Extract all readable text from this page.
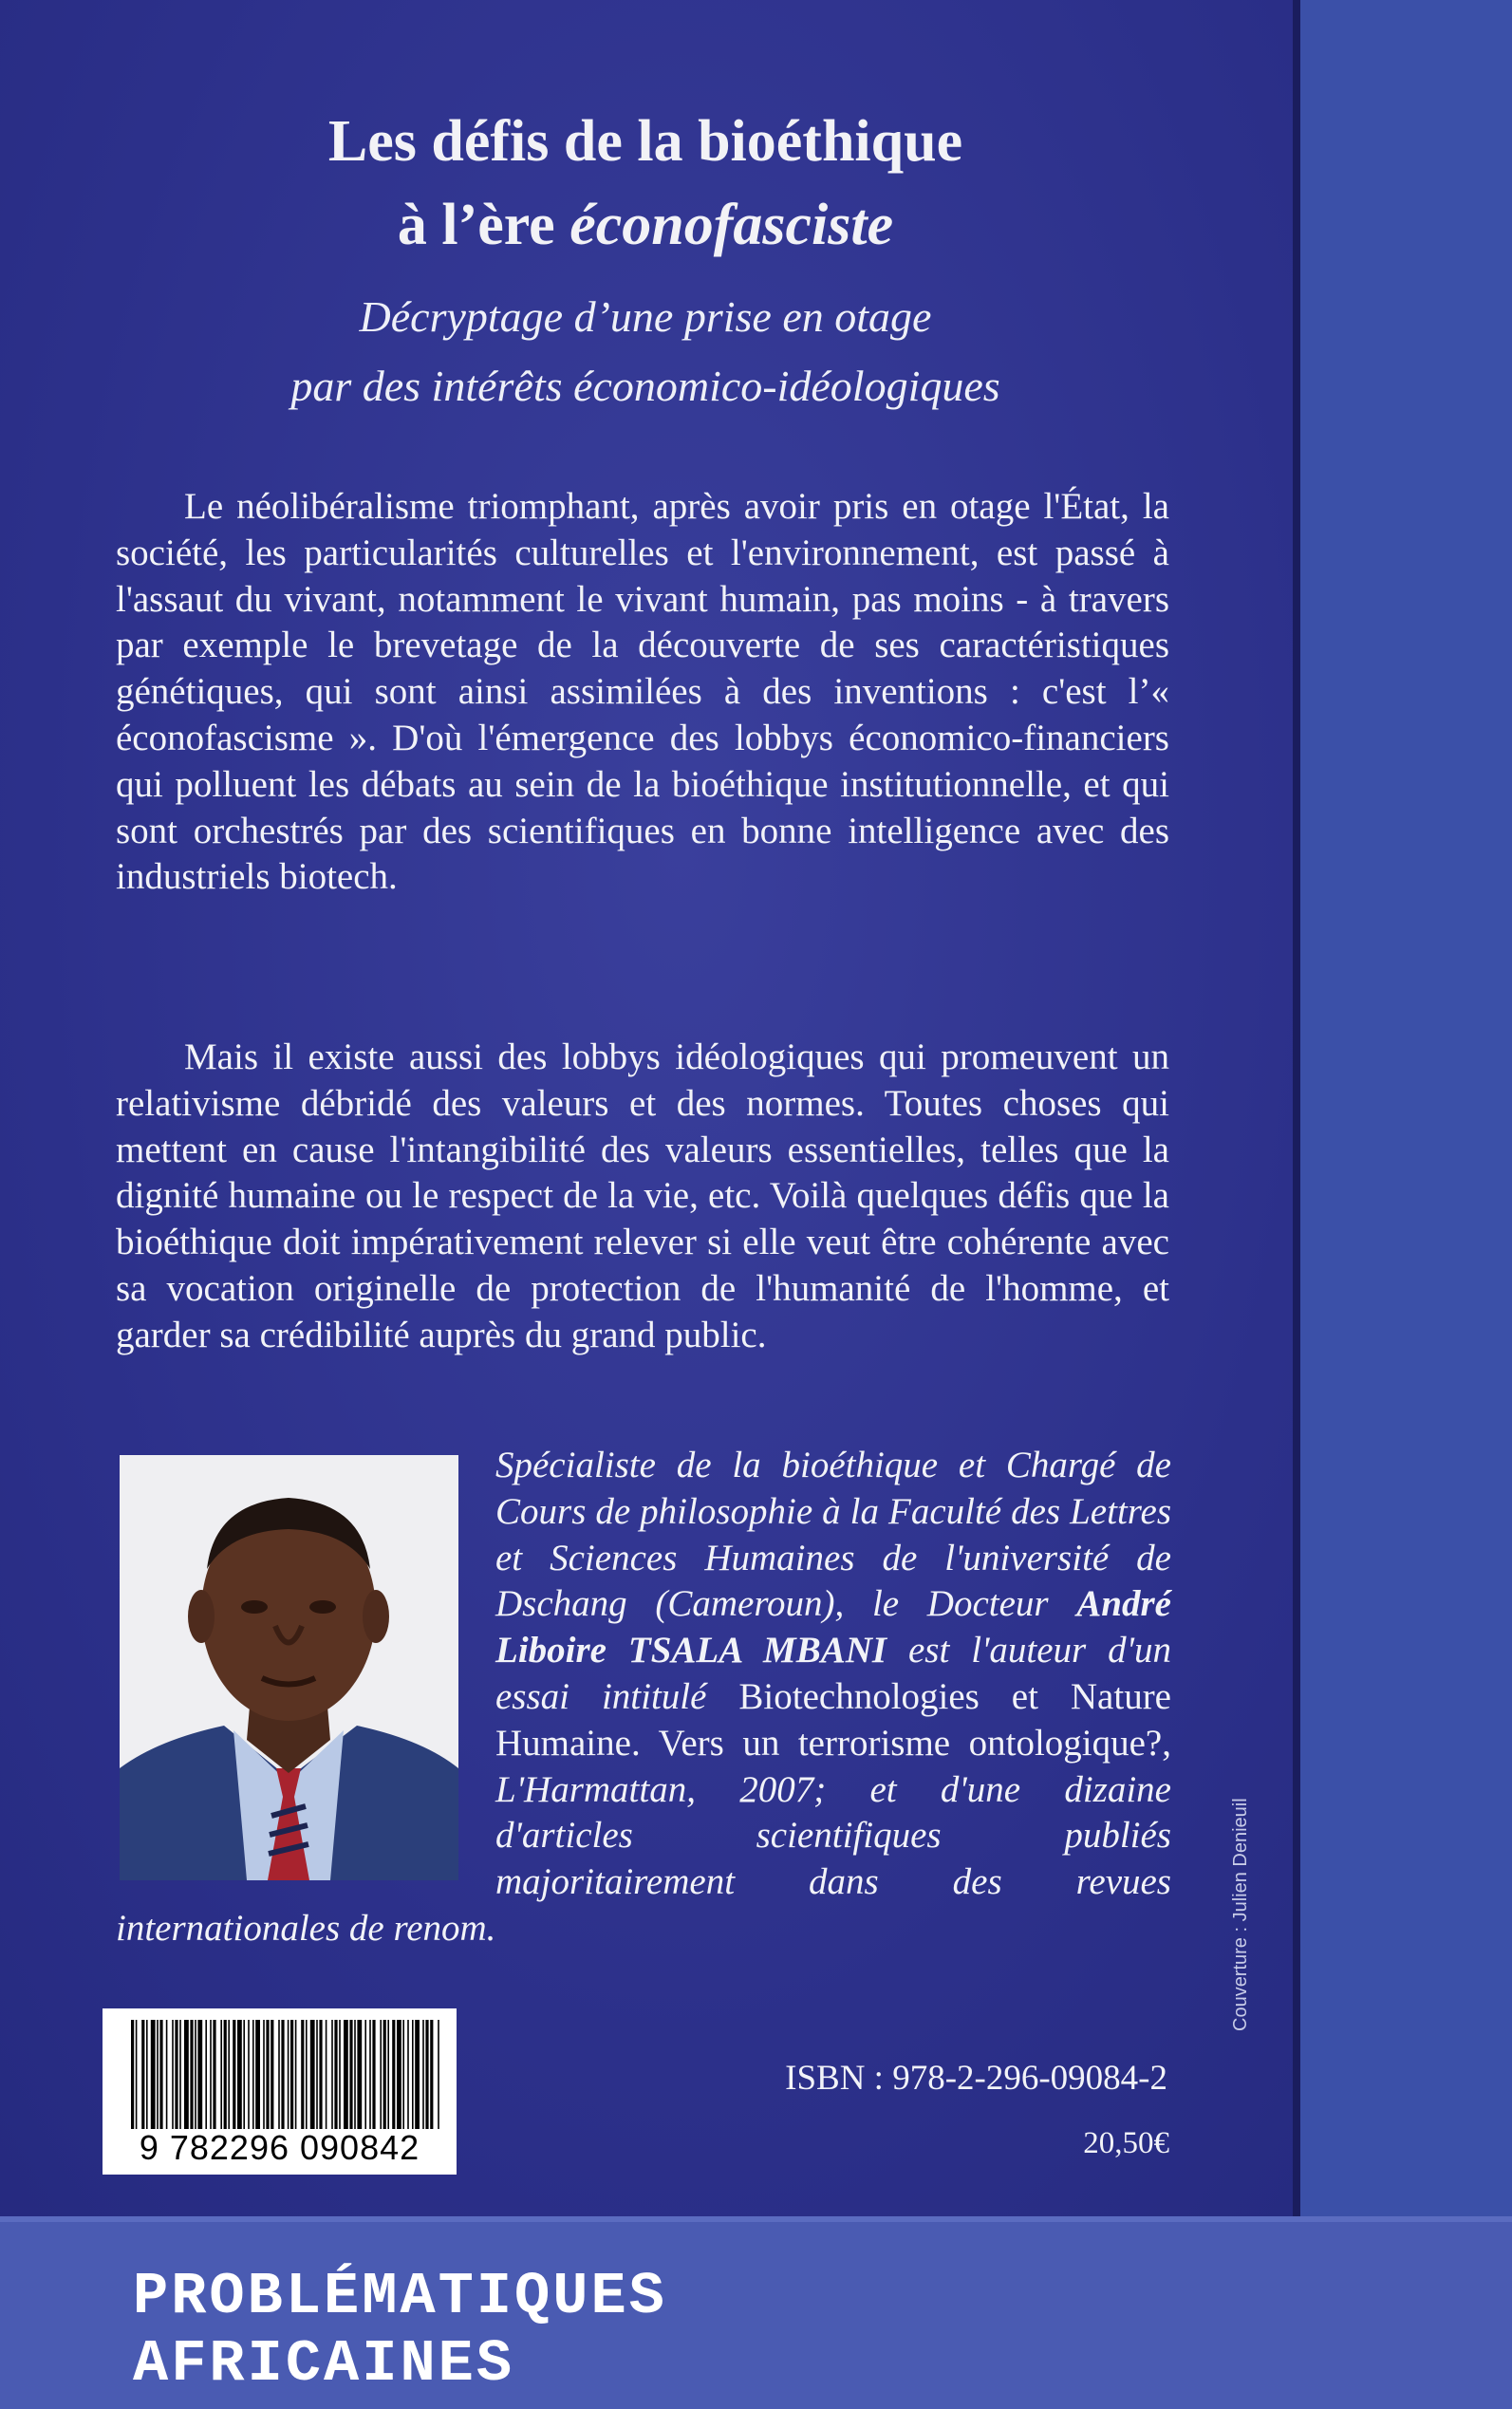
Les défis de la bioéthique
à l’ère éconofasciste

Décryptage d’une prise en otage

par des intérêts économico-idéologiques

Le néolibéralisme triomphant, après avoir pris en otage l'État, la société, les particularités culturelles et l'environnement, est passé à l'assaut du vivant, notamment le vivant humain, pas moins - à travers par exemple le brevetage de la découverte de ses caractéristiques génétiques, qui sont ainsi assimilées à des inventions : c'est l’« éconofascisme ». D'où l'émergence des lobbys économico-financiers qui polluent les débats au sein de la bioéthique institutionnelle, et qui sont orchestrés par des scientifiques en bonne intelligence avec des industriels biotech.

Mais il existe aussi des lobbys idéologiques qui promeuvent un relativisme débridé des valeurs et des normes. Toutes choses qui mettent en cause l'intangibilité des valeurs essentielles, telles que la dignité humaine ou le respect de la vie, etc. Voilà quelques défis que la bioéthique doit impérativement relever si elle veut être cohérente avec sa vocation originelle de protection de l'humanité de l'homme, et garder sa crédibilité auprès du grand public.

Spécialiste de la bioéthique et Chargé de Cours de philosophie à la Faculté des Lettres et Sciences Humaines de l'université de Dschang (Cameroun), le Docteur André Liboire TSALA MBANI est l'auteur d'un essai intitulé Biotechnologies et Nature Humaine. Vers un terrorisme ontologique?, L'Harmattan, 2007; et d'une dizaine d'articles scientifiques publiés majoritairement dans des revues internationales de renom.	Couverture : Julien Denieuil
9 782296 090842

ISBN : 978-2-296-09084-2

20,50€

PROBLÉMATIQUES

AFRICAINES
